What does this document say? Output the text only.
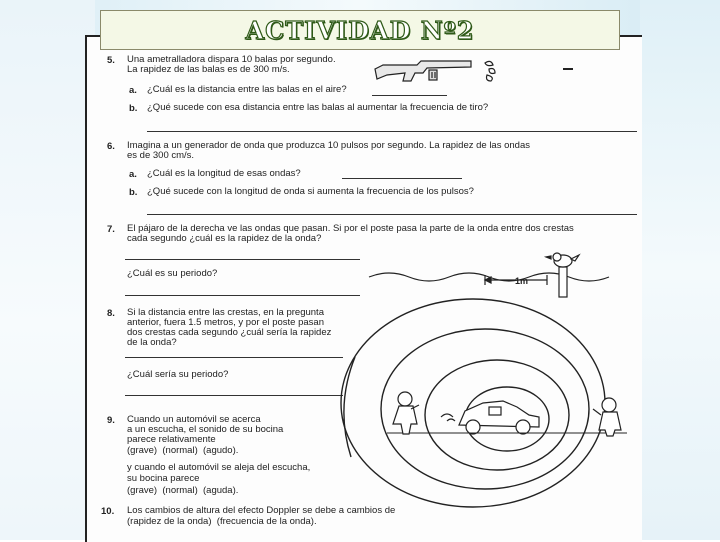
5. Una ametralladora dispara 10 balas por segundo.
La rapidez de las balas es de 300 m/s.
a. ¿Cuál es la distancia entre las balas en el aire?
b. ¿Qué sucede con esa distancia entre las balas al aumentar la frecuencia de tiro?
6. Imagina a un generador de onda que produzca 10 pulsos por segundo. La rapidez de las ondas
es de 300 cm/s.
a. ¿Cuál es la longitud de esas ondas?
b. ¿Qué sucede con la longitud de onda si aumenta la frecuencia de los pulsos?
7. El pájaro de la derecha ve las ondas que pasan. Si por el poste pasa la parte de la onda entre dos crestas
cada segundo ¿cuál es la rapidez de la onda?
¿Cuál es su periodo?
8. Si la distancia entre las crestas, en la pregunta
anterior, fuera 1.5 metros, y por el poste pasan
dos crestas cada segundo ¿cuál sería la rapidez
de la onda?
¿Cuál sería su periodo?
9. Cuando un automóvil se acerca
a un escucha, el sonido de su bocina
parece relativamente
(grave)  (normal)  (agudo).
y cuando el automóvil se aleja del escucha,
su bocina parece
(grave)  (normal)  (aguda).
10. Los cambios de altura del efecto Doppler se debe a cambios de
(rapidez de la onda)  (frecuencia de la onda).
1m
ACTIVIDAD Nº2
